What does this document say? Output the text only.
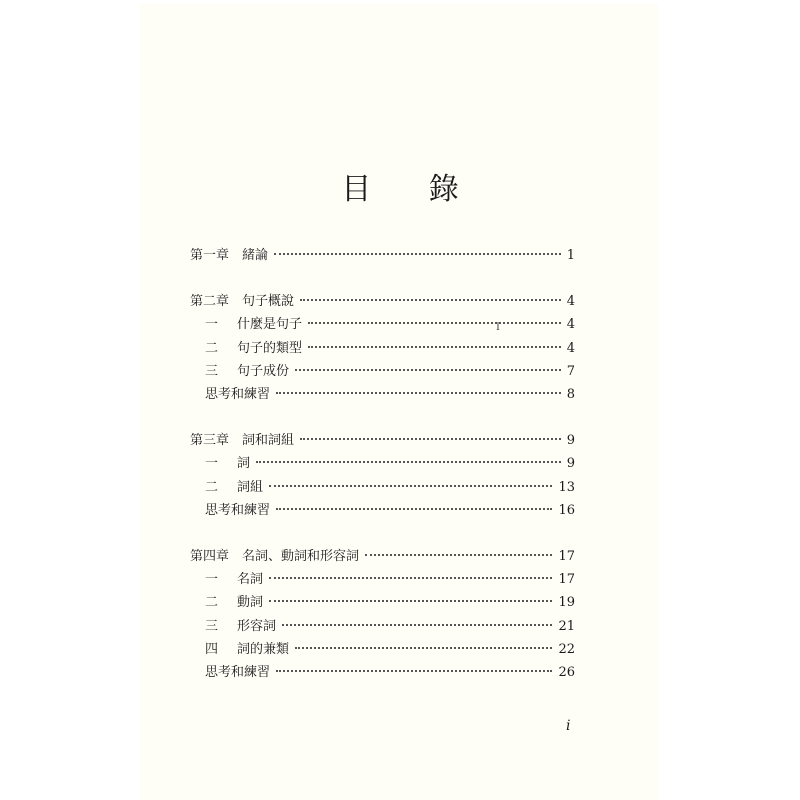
目 錄
第一章　緒論	1
第二章　句子概說	4
一	什麼是句子	4
二	句子的類型	4
三	句子成份	7
思考和練習	8
第三章　詞和詞組	9
一	詞	9
二	詞組	13
思考和練習	16
第四章　名詞、動詞和形容詞	17
一	名詞	17
二	動詞	19
三	形容詞	21
四	詞的兼類	22
思考和練習	26
I
i
